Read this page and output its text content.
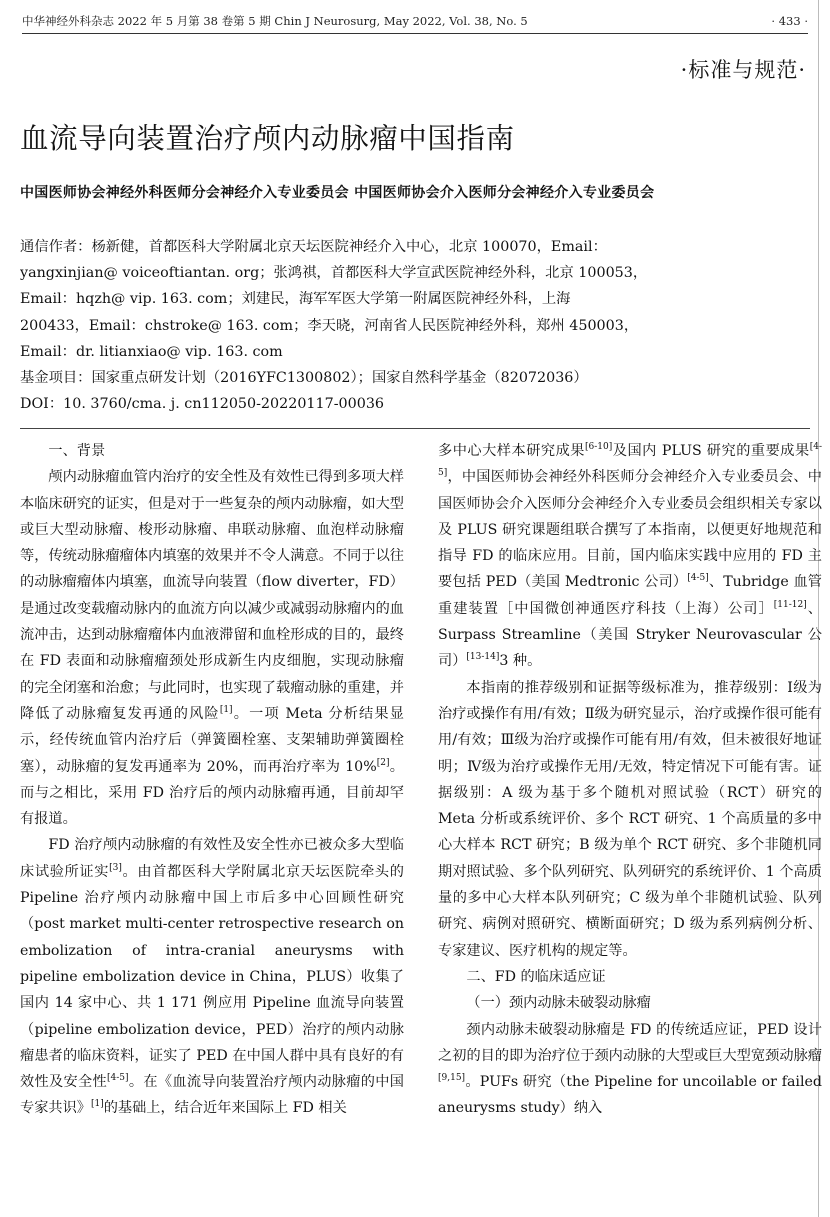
中华神经外科杂志 2022 年 5 月第 38 卷第 5 期 Chin J Neurosurg, May 2022, Vol. 38, No. 5	· 433 ·
·标准与规范·
血流导向装置治疗颅内动脉瘤中国指南
中国医师协会神经外科医师分会神经介入专业委员会 中国医师协会介入医师分会神经介入专业委员会
通信作者：杨新健，首都医科大学附属北京天坛医院神经介入中心，北京 100070，Email：
yangxinjian@ voiceoftiantan. org；张鸿祺，首都医科大学宣武医院神经外科，北京 100053，
Email：hqzh@ vip. 163. com；刘建民，海军军医大学第一附属医院神经外科，上海
200433，Email：chstroke@ 163. com；李天晓，河南省人民医院神经外科，郑州 450003，
Email：dr. litianxiao@ vip. 163. com
基金项目：国家重点研发计划（2016YFC1300802）；国家自然科学基金（82072036）
DOI：10. 3760/cma. j. cn112050-20220117-00036

一、背景

颅内动脉瘤血管内治疗的安全性及有效性已得到多项大样本临床研究的证实，但是对于一些复杂的颅内动脉瘤，如大型或巨大型动脉瘤、梭形动脉瘤、串联动脉瘤、血泡样动脉瘤等，传统动脉瘤瘤体内填塞的效果并不令人满意。不同于以往的动脉瘤瘤体内填塞，血流导向装置（flow diverter，FD）是通过改变载瘤动脉内的血流方向以减少或减弱动脉瘤内的血流冲击，达到动脉瘤瘤体内血液滞留和血栓形成的目的，最终在 FD 表面和动脉瘤瘤颈处形成新生内皮细胞，实现动脉瘤的完全闭塞和治愈；与此同时，也实现了载瘤动脉的重建，并降低了动脉瘤复发再通的风险[1]。一项 Meta 分析结果显示，经传统血管内治疗后（弹簧圈栓塞、支架辅助弹簧圈栓塞），动脉瘤的复发再通率为 20%，而再治疗率为 10%[2]。而与之相比，采用 FD 治疗后的颅内动脉瘤再通，目前却罕有报道。

FD 治疗颅内动脉瘤的有效性及安全性亦已被众多大型临床试验所证实[3]。由首都医科大学附属北京天坛医院牵头的 Pipeline 治疗颅内动脉瘤中国上市后多中心回顾性研究（post market multi-center retrospective research on embolization of intra-cranial aneurysms with pipeline embolization device in China，PLUS）收集了国内 14 家中心、共 1 171 例应用 Pipeline 血流导向装置（pipeline embolization device，PED）治疗的颅内动脉瘤患者的临床资料，证实了 PED 在中国人群中具有良好的有效性及安全性[4-5]。在《血流导向装置治疗颅内动脉瘤的中国专家共识》[1]的基础上，结合近年来国际上 FD 相关

多中心大样本研究成果[6-10]及国内 PLUS 研究的重要成果[4-5]，中国医师协会神经外科医师分会神经介入专业委员会、中国医师协会介入医师分会神经介入专业委员会组织相关专家以及 PLUS 研究课题组联合撰写了本指南，以便更好地规范和指导 FD 的临床应用。目前，国内临床实践中应用的 FD 主要包括 PED（美国 Medtronic 公司）[4-5]、Tubridge 血管重建装置［中国微创神通医疗科技（上海）公司］[11-12]、Surpass Streamline（美国 Stryker Neurovascular 公司）[13-14]3 种。

本指南的推荐级别和证据等级标准为，推荐级别：Ⅰ级为治疗或操作有用/有效；Ⅱ级为研究显示，治疗或操作很可能有用/有效；Ⅲ级为治疗或操作可能有用/有效，但未被很好地证明；Ⅳ级为治疗或操作无用/无效，特定情况下可能有害。证据级别：A 级为基于多个随机对照试验（RCT）研究的 Meta 分析或系统评价、多个 RCT 研究、1 个高质量的多中心大样本 RCT 研究；B 级为单个 RCT 研究、多个非随机同期对照试验、多个队列研究、队列研究的系统评价、1 个高质量的多中心大样本队列研究；C 级为单个非随机试验、队列研究、病例对照研究、横断面研究；D 级为系列病例分析、专家建议、医疗机构的规定等。

二、FD 的临床适应证

（一）颈内动脉未破裂动脉瘤

颈内动脉未破裂动脉瘤是 FD 的传统适应证，PED 设计之初的目的即为治疗位于颈内动脉的大型或巨大型宽颈动脉瘤[9,15]。PUFs 研究（the Pipeline for uncoilable or failed aneurysms study）纳入
